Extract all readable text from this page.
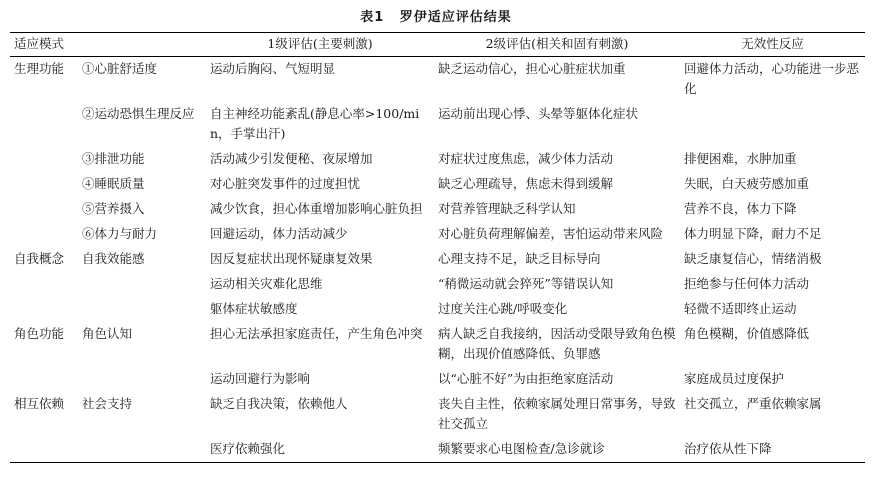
表1 罗伊适应评估结果
适应模式		1级评估(主要刺激)	2级评估(相关和固有刺激)	无效性反应
生理功能	①心脏舒适度	运动后胸闷、气短明显	缺乏运动信心，担心心脏症状加重	回避体力活动，心功能进一步恶化
	②运动恐惧生理反应	自主神经功能紊乱(静息心率>100/min，手掌出汗)	运动前出现心悸、头晕等躯体化症状	
	③排泄功能	活动减少引发便秘、夜尿增加	对症状过度焦虑，减少体力活动	排便困难，水肿加重
	④睡眠质量	对心脏突发事件的过度担忧	缺乏心理疏导，焦虑未得到缓解	失眠，白天疲劳感加重
	⑤营养摄入	减少饮食，担心体重增加影响心脏负担	对营养管理缺乏科学认知	营养不良，体力下降
	⑥体力与耐力	回避运动，体力活动减少	对心脏负荷理解偏差，害怕运动带来风险	体力明显下降，耐力不足
自我概念	自我效能感	因反复症状出现怀疑康复效果	心理支持不足，缺乏目标导向	缺乏康复信心，情绪消极
		运动相关灾难化思维	“稍微运动就会猝死”等错误认知	拒绝参与任何体力活动
		躯体症状敏感度	过度关注心跳/呼吸变化	轻微不适即终止运动
角色功能	角色认知	担心无法承担家庭责任，产生角色冲突	病人缺乏自我接纳，因活动受限导致角色模糊，出现价值感降低、负罪感	角色模糊，价值感降低
		运动回避行为影响	以“心脏不好”为由拒绝家庭活动	家庭成员过度保护
相互依赖	社会支持	缺乏自我决策，依赖他人	丧失自主性，依赖家属处理日常事务，导致社交孤立	社交孤立，严重依赖家属
		医疗依赖强化	频繁要求心电图检查/急诊就诊	治疗依从性下降
